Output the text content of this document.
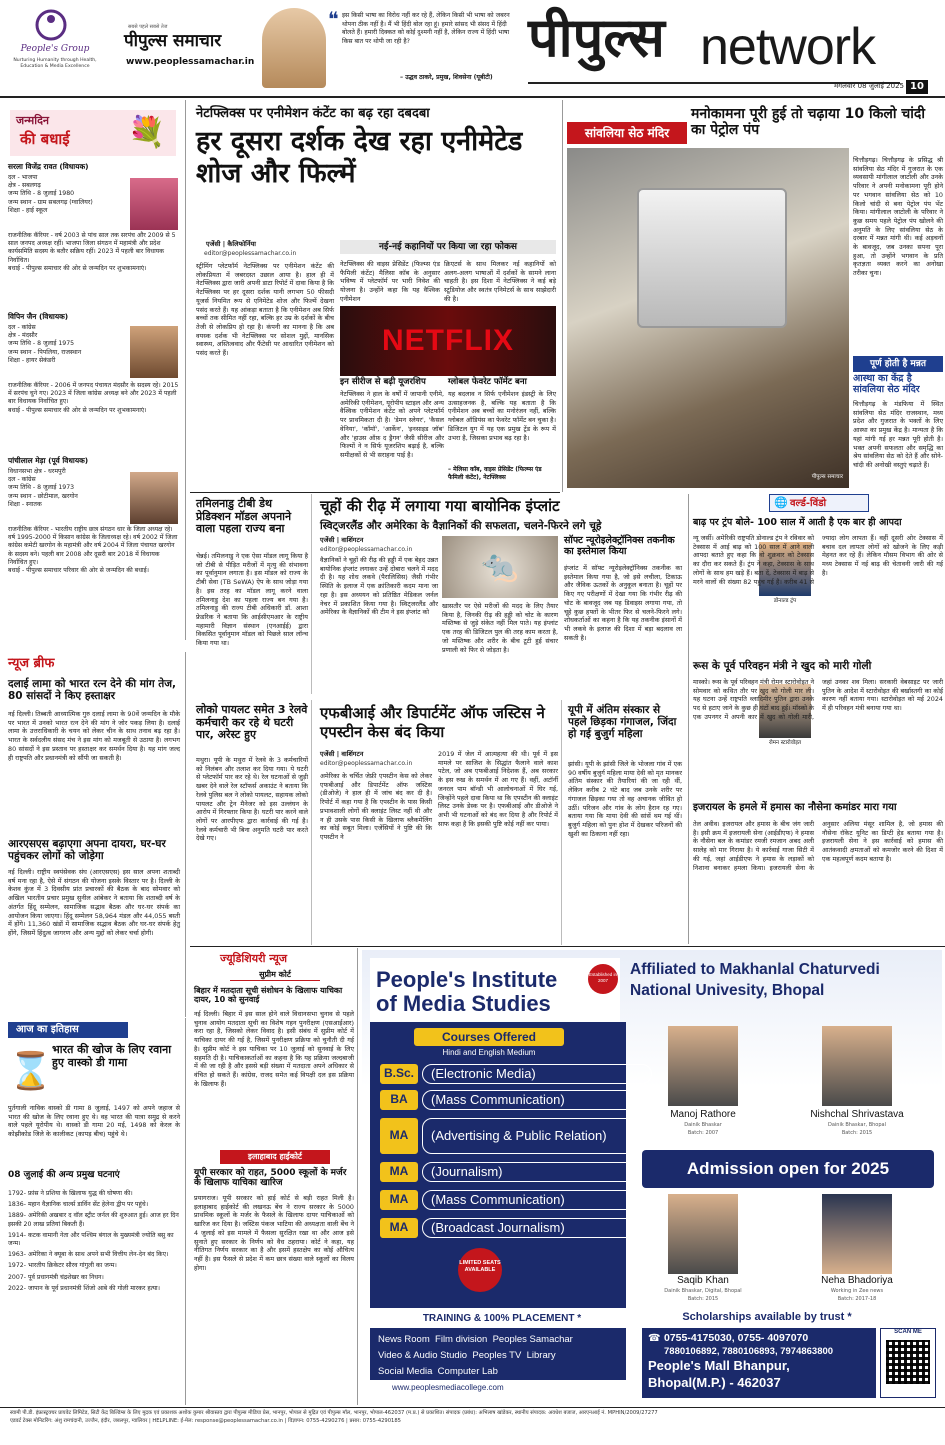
People's Group
Nurturing Humanity through Health, Education & Media Excellence
सबसे पहले सबसे तेज
पीपुल्स समाचार
www.peoplessamachar.in
❝ इस किसी भाषा का विरोध नहीं कर रहे हैं, लेकिन किसी भी भाषा को जबरन थोपना ठीक नहीं है। मैं भी हिंदी बोल रहा हूं। हमारे सांसद भी संसद में हिंदी बोलते हैं। हमारी दिक्कत को कोई दुश्मनी नहीं है, लेकिन राज्य में हिंदी भाषा किस बात पर थोपी जा रही है?
– उद्धव ठाकरे, प्रमुख, शिवसेना (यूबीटी)
पीपुल्स network
मंगलवार 08 जुलाई 2025 10
जन्मदिन
की बधाई	💐
सरला विजेंद्र रावत (विधायक)
दल - भाजपा
क्षेत्र - सबलगढ़
जन्म तिथि - 8 जुलाई 1980
जन्म स्थान - ग्राम सबलगढ़ (ग्वालियर)
शिक्षा - हाई स्कूल
राजनीतिक कॅरियर - वर्ष 2003 से पांच साल तक सरपंच और 2009 से 5 साल जनपद अध्यक्ष रहीं। भाजपा जिला संगठन में महामंत्री और प्रदेश कार्यसमिति सदस्य के बतौर सक्रिय रहीं। 2023 में पहली बार विधायक निर्वाचित।
बधाई - पीपुल्स समाचार की ओर से जन्मदिन पर शुभकामनाएं।
विपिन जैन (विधायक)
दल - कांग्रेस
क्षेत्र - मंदसौर
जन्म तिथि - 8 जुलाई 1975
जन्म स्थान - पिपलिया, राजस्थान
शिक्षा - हायर सेकंडरी
राजनीतिक कॅरियर - 2006 में जनपद पंचायत मंदसौर के सदस्य रहे। 2015 में सरपंच चुने गए। 2023 में जिला कांग्रेस अध्यक्ष बने और 2023 में पहली बार विधायक निर्वाचित हुए।
बधाई - पीपुल्स समाचार की ओर से जन्मदिन पर शुभकामनाएं।
पांचीलाल मेड़ा (पूर्व विधायक)
विधानसभा क्षेत्र - धरमपुरी
दल - कांग्रेस
जन्म तिथि - 8 जुलाई 1973
जन्म स्थान - छोटीमाल, खरगोन
शिक्षा - स्नातक
राजनीतिक कॅरियर - भारतीय राष्ट्रीय छात्र संगठन धार के जिला अध्यक्ष रहे। वर्ष 1995-2000 में किसान कांग्रेस के जिलाध्यक्ष रहे। वर्ष 2002 में जिला कांग्रेस कमेटी खरगोन के महामंत्री और वर्ष 2004 में जिला पंचायत खरगोन के सदस्य बने। पहली बार 2008 और दूसरी बार 2018 में विधायक निर्वाचित हुए।
बधाई - पीपुल्स समाचार परिवार की ओर से जन्मदिन की बधाई।
न्यूज ब्रीफ
दलाई लामा को भारत रत्न देने की मांग तेज, 80 सांसदों ने किए हस्ताक्षर
नई दिल्ली। तिब्बती आध्यात्मिक गुरु दलाई लामा के 90वें जन्मदिन के मौके पर भारत में उनको भारत रत्न देने की मांग ने जोर पकड़ लिया है। दलाई लामा के उत्तराधिकारी के चयन को लेकर चीन के साथ तनाव बढ़ रहा है। भारत के सर्वदलीय संसद मंच ने इस मांग को मजबूती से उठाया है। लगभग 80 सांसदों ने इस प्रस्ताव पर हस्ताक्षर कर समर्थन दिया है। यह मांग जल्द ही राष्ट्रपति और प्रधानमंत्री को सौंपी जा सकती है।
आरएसएस बढ़ाएगा अपना दायरा, घर-घर पहुंचकर लोगों को जोड़ेगा
नई दिल्ली। राष्ट्रीय स्वयंसेवक संघ (आरएसएस) इस साल अपना शताब्दी वर्ष मना रहा है, ऐसे में संगठन की योजना इसके विस्तार पर है। दिल्ली के केशव कुंज में 3 दिवसीय प्रांत प्रचारकों की बैठक के बाद सोमवार को अखिल भारतीय प्रचार प्रमुख सुनील आंबेकर ने बताया कि शताब्दी वर्ष के अंतर्गत हिंदू सम्मेलन, सामाजिक सद्भाव बैठक और घर-घर संपर्क का आयोजन किया जाएगा। हिंदू सम्मेलन 58,964 मंडल और 44,055 बस्ती में होंगे। 11,360 खंडों में सामाजिक सद्भाव बैठक और घर-घर संपर्क हेतु होंगे, जिसमें हिंदुत्व जागरण और अन्य मुद्दों को लेकर चर्चा होगी।
आज का इतिहास
⌛
भारत की खोज के लिए रवाना हुए वास्को डी गामा
पुर्तगाली नाविक वास्को डी गामा 8 जुलाई, 1497 को अपने जहाज से भारत की खोज के लिए रवाना हुए थे। वह भारत की यात्रा समुद्र से करने वाले पहले यूरोपीय थे। वास्को डी गामा 20 मई, 1498 को केरल के कोझीकोड जिले के कालीकट (कापड़ बीच) पहुंचे थे।
08 जुलाई की अन्य प्रमुख घटनाएं
1792- फ्रांस ने प्रशिया के खिलाफ युद्ध की घोषणा की।
1836- महान वैज्ञानिक चार्ल्स डार्विन सेंट हेलेना द्वीप पर पहुंचे।
1889- अमेरिकी अखबार द वॉल स्ट्रीट जर्नल की शुरुआत हुई। आज हर दिन इसकी 20 लाख प्रतियां बिकती हैं।
1914- कटक वामानी नेता और पश्चिम बंगाल के मुख्यमंत्री ज्योति बसु का जन्म।
1963- अमेरिका ने क्यूबा के साथ अपने सभी वित्तीय लेन-देन बंद किए।
1972- भारतीय क्रिकेटर सौरव गांगुली का जन्म।
2007- पूर्व प्रधानमंत्री चंद्रशेखर का निधन।
2022- जापान के पूर्व प्रधानमंत्री शिंजो आबे की गोली मारकर हत्या।
नेटफ्लिक्स पर एनीमेशन कंटेंट का बढ़ रहा दबदबा
हर दूसरा दर्शक देख रहा एनीमेटेड शोज और फिल्में
एजेंसी | कैलिफोर्निया
editor@peoplessamachar.co.in
नई-नई कहानियों पर किया जा रहा फोकस
स्ट्रीमिंग प्लेटफॉर्म नेटफ्लिक्स पर एनीमेशन कंटेंट की लोकप्रियता में जबरदस्त उछाल आया है। हाल ही में नेटफ्लिक्स द्वारा जारी अपनी डाटा रिपोर्ट में दावा किया है कि नेटफ्लिक्स पर हर दूसरा दर्शक यानी लगभग 50 फीसदी यूजर्स नियमित रूप से एनिमेटेड शोज और फिल्में देखना पसंद करते हैं। यह आंकड़ा बताता है कि एनीमेशन अब सिर्फ बच्चों तक सीमित नहीं रहा, बल्कि हर उम्र के दर्शकों के बीच तेजी से लोकप्रिय हो रहा है। कंपनी का मानना है कि अब वयस्क दर्शक भी नेटफ्लिक्स पर सोशल मुद्दों, मानसिक स्वास्थ्य, अस्तित्ववाद और फैंटेसी पर आधारित एनीमेशन को पसंद करते हैं।
नेटफ्लिक्स की वाइस प्रेसिडेंट (फिल्म्स एंड फैमिली कंटेंट) मैलिसा कॉब के अनुसार भविष्य में प्लेटफॉर्म पर भारी निवेश की योजना है। उन्होंने कहा कि यह वैश्विक एनीमेशन
क्रिएटर्स के साथ मिलकर नई कहानियों को अलग-अलग भाषाओं में दर्शकों के सामने लाना चाहती है। इस दिशा में नेटफ्लिक्स ने कई बड़े स्टूडियोज और स्वतंत्र एनिमेटर्स के साथ साझेदारी की है।
NETFLIX
इन सीरीज से बढ़ी यूजरशिप
नेटफ्लिक्स ने हाल के वर्षों में जापानी एनीमे, अमेरिकी एनीमेशन, यूरोपीय स्टाइल और अन्य वैश्विक एनीमेशन कंटेंट को अपने प्लेटफॉर्म पर प्राथमिकता दी है। 'डेमन स्लेयर', 'कैसल वेनिया', 'कॉमॉ', 'आर्केन', 'इनसाइड जॉब' और 'हाउस ऑफ़ द ड्रैगन' जैसी सीरीज और फिल्मों ने न सिर्फ यूजरशिप बढ़ाई है, बल्कि समीक्षकों से भी सराहना पाई है।
ग्लोबल फेवरेट फॉर्मेट बना
यह बदलाव न सिर्फ एनीमेशन इंडस्ट्री के लिए उत्साहजनक है, बल्कि यह बताता है कि एनीमेशन अब बच्चों का मनोरंजन नहीं, बल्कि ग्लोबल ऑडियंस का फेवरेट फॉर्मेट बन चुका है। डिजिटल युग में यह एक प्रमुख ट्रेंड के रूप में उभरा है, जिसका प्रभाव बढ़ रहा है।
– मेलिसा कॉब, वाइस प्रेसिडेंट (फिल्म्स एंड फैमिली कंटेंट), नेटफ्लिक्स
तमिलनाडु टीबी डेथ प्रेडिक्शन मॉडल अपनाने वाला पहला राज्य बना
चेन्नई। तमिलनाडु ने एक ऐसा मॉडल लागू किया है जो टीबी से पीड़ित मरीजों में मृत्यु की संभावना का पूर्वानुमान लगाता है। इस मॉडल को राज्य के टीबी सेवा (TB SeWA) ऐप के साथ जोड़ा गया है। इस तरह का मॉडल लागू करने वाला तमिलनाडु देश का पहला राज्य बन गया है। तमिलनाडु की राज्य टीबी अधिकारी डॉ. आशा फ्रेडरिक ने बताया कि आईसीएमआर के राष्ट्रीय महामारी विज्ञान संस्थान (एनआईई) द्वारा विकसित पूर्वानुमान मॉडल को पिछले साल लॉन्च किया गया था।
लोको पायलट समेत 3 रेलवे कर्मचारी कर रहे थे घटरी पार, अरेस्ट हुए
मथुरा। यूपी के मथुरा में रेलवे के 3 कर्मचारियों को निलंबन और तलाश कर दिया गया। ये घटरी से प्लेटफॉर्म पार कर रहे थे। रेल घटनाओं से जुड़ी खबर देने वाले रेल स्टॉफर्स अकाउंट ने बताया कि रेलवे पुलिस बल ने लोको पायलट, सहायक लोको पायलट और ट्रेन मैनेजर को इस उल्लंघन के आरोप में गिरफ्तार किया है। घटरी पार करने वाले लोगों पर आरपीएफ द्वारा कार्रवाई की गई है। रेलवे कर्मचारी भी बिना अनुमति घटरी पार करते देखे गए।
चूहों की रीढ़ में लगाया गया बायोनिक इंप्लांट
स्विट्जरलैंड और अमेरिका के वैज्ञानिकों की सफलता, चलने-फिरने लगे चूहे
एजेंसी | वाशिंगटन
editor@peoplessamachar.co.in
वैज्ञानिकों ने चूहों की रीढ़ की हड्डी में एक बेहद उन्नत बायोनिक इंप्लांट लगाकर उन्हें दोबारा चलने में मदद दी है। यह शोध लकवे (पैरालिसिस) जैसी गंभीर स्थिति के इलाज में एक क्रांतिकारी कदम माना जा रहा है। इस अध्ययन को प्रतिष्ठित मेडिकल जर्नल नेचर में प्रकाशित किया गया है। स्विट्जरलैंड और अमेरिका के वैज्ञानिकों की टीम ने इस इंप्लांट को
🐀
खासतौर पर ऐसे मरीजों की मदद के लिए तैयार किया है, जिनकी रीढ़ की हड्डी को चोट के कारण मस्तिष्क से जुड़े संकेत नहीं मिल पाते। यह इंप्लांट एक तरह की डिजिटल पुल की तरह काम करता है, जो मस्तिष्क और शरीर के बीच टूटी हुई संचार प्रणाली को फिर से जोड़ता है।
सॉफ्ट न्यूरोइलेक्ट्रॉनिक्स तकनीक का इस्तेमाल किया
इंप्लांट में सॉफ्ट न्यूरोइलेक्ट्रॉनिक्स तकनीक का इस्तेमाल किया गया है, जो इसे लचीला, टिकाऊ और जैविक ऊतकों के अनुकूल बनाता है। चूहों पर किए गए परीक्षणों में देखा गया कि गंभीर रीढ़ की चोट के बावजूद जब यह डिवाइस लगाया गया, तो चूहे कुछ हफ्तों के भीतर फिर से चलने-फिरने लगे। शोधकर्ताओं का कहना है कि यह तकनीक इंसानों में भी लकवे के इलाज की दिशा में बड़ा बदलाव ला सकती है।
एफबीआई और डिपार्टमेंट ऑफ जस्टिस ने एपस्टीन केस बंद किया
एजेंसी | वाशिंगटन
editor@peoplessamachar.co.in
अमेरिका के चर्चित जेफ्री एपस्टीन केस को लेकर एफबीआई और डिपार्टमेंट ऑफ जस्टिस (डीओजे) ने हाल ही में जांच बंद कर दी है। रिपोर्ट में कहा गया है कि एपस्टीन के पास किसी प्रभावशाली लोगों की क्लाइंट लिस्ट नहीं थी और न ही उसके पास किसी के खिलाफ ब्लैकमेलिंग का कोई सबूत मिला। एजेंसियों ने पुष्टि की कि एपस्टीन ने
2019 में जेल में आत्महत्या की थी। पूर्व में इस मामले पर साजिश के सिद्धांत फैलाने वाले काश पटेल, जो अब एफबीआई निदेशक हैं, अब सरकार के इस रुख के समर्थन में आ गए हैं। वहीं, अटॉर्नी जनरल पाम बॉन्डी भी आलोचनाओं में घिर गई, जिन्होंने पहले दावा किया था कि एपस्टीन की क्लाइंट लिस्ट उनके डेस्क पर है। एफबीआई और डीओजे ने अभी भी घटनाओं को बंद कर दिया है और रिपोर्ट में साफ कहा है कि इसकी पुष्टि कोई नहीं कर पाया।
यूपी में अंतिम संस्कार से पहले छिड़का गंगाजल, जिंदा हो गई बुजुर्ग महिला
झांसी। यूपी के झांसी जिले के भोजला गांव में एक 90 वर्षीय बुजुर्ग महिला माया देवी को मृत मानकर अंतिम संस्कार की तैयारियां की जा रही थीं, लेकिन करीब 2 घंटे बाद जब उनके शरीर पर गंगाजल छिड़का गया तो वह अचानक जीवित हो उठीं। परिजन और गांव के लोग हैरान रह गए। बताया गया कि माया देवी की सांसें थम गई थीं। बुजुर्ग महिला को पुनः होश में देखकर परिजनों की खुशी का ठिकाना नहीं रहा।
सांवलिया सेठ मंदिर
मनोकामना पूरी हुई तो चढ़ाया 10 किलो चांदी का पेट्रोल पंप
पीपुल्स समाचार
चित्तौड़गढ़। चित्तौड़गढ़ के प्रसिद्ध श्री सांवलिया सेठ मंदिर में गुजरात के एक व्यवसायी मांगीलाल जाटोली और उनके परिवार ने अपनी मनोकामना पूरी होने पर भगवान सांवलिया सेठ को 10 किलो चांदी से बना पेट्रोल पंप भेंट किया। मांगीलाल जाटोली के परिवार ने कुछ समय पहले पेट्रोल पंप खोलने की अनुमति के लिए सांवलिया सेठ के दरबार में मन्नत मांगी थी। कई अड़चनों के बावजूद, जब उनका सपना पूरा हुआ, तो उन्होंने भगवान के प्रति कृतज्ञता व्यक्त करने का अनोखा तरीका चुना।
पूर्ण होती है मन्नत
आस्था का केंद्र है सांवलिया सेठ मंदिर
चित्तौड़गढ़ के मंडफिया में स्थित सांवलिया सेठ मंदिर राजस्थान, मध्य प्रदेश और गुजरात के भक्तों के लिए आस्था का प्रमुख केंद्र है। मान्यता है कि यहां मांगी गई हर मन्नत पूरी होती है। भक्त अपनी सफलता और समृद्धि का श्रेय सांवलिया सेठ को देते हैं और सोने-चांदी की अनोखी वस्तुएं चढ़ाते हैं।
🌐 वर्ल्ड-विंडो
बाढ़ पर ट्रंप बोले- 100 साल में आती है एक बार ही आपदा
डोनाल्ड ट्रंप
न्यू जर्सी। अमेरिकी राष्ट्रपति डोनाल्ड ट्रंप ने रविवार को टेक्सास में आई बाढ़ को 100 साल में आने वाली आपदा बताते हुए कहा कि वो शुक्रवार को टेक्सास का दौरा कर सकते हैं। ट्रंप ने कहा, टेक्सास के साथ लोगों के साथ हम खड़े हैं। बता दें, टेक्सास में बाढ़ से मरने वालों की संख्या 82 पहुंच गई है। करीब 41 से ज्यादा लोग लापता हैं। वहीं दूसरी ओर टेक्सास में बचाव दल लापता लोगों को खोजने के लिए कड़ी मेहनत कर रहे हैं। लेकिन मौसम विभाग की ओर से मध्य टेक्सास में नई बाढ़ की चेतावनी जारी की गई है।
रूस के पूर्व परिवहन मंत्री ने खुद को मारी गोली
रोमन स्टारोवोइत
मास्को। रूस के पूर्व परिवहन मंत्री रोमन स्टारोवोइत ने सोमवार को कथित तौर पर खुद को गोली मार ली। यह घटना उन्हें राष्ट्रपति व्लादिमीर पुतिन द्वारा उनके पद से हटाए जाने के कुछ ही घंटों बाद हुई। मॉस्को के एक उपनगर में अपनी कार में खुद को गोली मारी, जहां उनका शव मिला। सरकारी वेबसाइट पर जारी पुतिन के आदेश में स्टारोवोइत की बर्खास्तगी का कोई कारण नहीं बताया गया। स्टारोवोइत को मई 2024 में ही परिवहन मंत्री बनाया गया था।
इजरायल के हमले में हमास का नौसेना कमांडर मारा गया
तेल अवीव। इजरायल और हमास के बीच जंग जारी है। इसी क्रम में इजरायली सेना (आईडीएफ) ने हमास के नौसेना बल के कमांडर रमजी रमजान अबद अली सालेह को मार गिराया है। ये कार्रवाई गाजा सिटी में की गई, जहां आईडीएफ ने हमास के लड़ाकों को निशाना बनाकर हमला किया। इजरायली सेना के अनुसार अलिया मंसूर शामिल है, जो हमास की नौसेना रॉकेट यूनिट का डिप्टी हेड बताया गया है। इजरायली सेना ने इस कार्रवाई को हमास की आतंकवादी क्षमताओं को कमजोर करने की दिशा में एक महत्वपूर्ण कदम बताया है।
ज्यूडिशियरी न्यूज
सुप्रीम कोर्ट
बिहार में मतदाता सूची संशोधन के खिलाफ याचिका दायर, 10 को सुनवाई
नई दिल्ली। बिहार में इस साल होने वाले विधानसभा चुनाव से पहले चुनाव आयोग मतदाता सूची का विशेष गहन पुनरीक्षण (एसआईआर) करा रहा है, जिसको लेकर विवाद है। इसी संबंध में सुप्रीम कोर्ट में याचिका दायर की गई है, जिसमें पुनरीक्षण प्रक्रिया को चुनौती दी गई है। सुप्रीम कोर्ट ने इस याचिका पर 10 जुलाई को सुनवाई के लिए सहमति दी है। याचिकाकर्ताओं का कहना है कि यह प्रक्रिया जल्दबाजी में की जा रही है और इससे बड़ी संख्या में मतदाता अपने अधिकार से वंचित हो सकते हैं। कांग्रेस, राजद समेत कई विपक्षी दल इस प्रक्रिया के खिलाफ हैं।
इलाहाबाद हाईकोर्ट
यूपी सरकार को राहत, 5000 स्कूलों के मर्जर के खिलाफ याचिका खारिज
प्रयागराज। यूपी सरकार को हाई कोर्ट से बड़ी राहत मिली है। इलाहाबाद हाईकोर्ट की लखनऊ बेंच ने राज्य सरकार के 5000 प्राथमिक स्कूलों के मर्जर के फैसले के खिलाफ दायर याचिकाओं को खारिज कर दिया है। जस्टिस पंकज भाटिया की अध्यक्षता वाली बेंच ने 4 जुलाई को इस मामले में फैसला सुरक्षित रखा था और आज इसे सुनाते हुए सरकार के निर्णय को वैध ठहराया। कोर्ट ने कहा, यह नीतिगत निर्णय सरकार का है और इसमें हस्तक्षेप का कोई औचित्य नहीं है। इस फैसले से प्रदेश में कम छात्र संख्या वाले स्कूलों का विलय होगा।
People's Institute
of Media Studies
Established in 2007
Courses Offered
Hindi and English Medium
B.Sc.	(Electronic Media)
BA	(Mass Communication)
MA	(Advertising & Public Relation)
MA	(Journalism)
MA	(Mass Communication)
MA	(Broadcast Journalism)
LIMITED SEATS AVAILABLE
TRAINING & 100% PLACEMENT *
News Room Film division Peoples Samachar
Video & Audio Studio Peoples TV Library
Social Media Computer Lab
www.peoplesmediacollege.com
Affiliated to Makhanlal Chaturvedi
National Univesity, Bhopal
Manoj Rathore
Dainik Bhaskar
Batch: 2007
Nishchal Shrivastava
Dainik Bhaskar, Bhopal
Batch: 2015
Admission open for 2025
Saqib Khan
Dainik Bhaskar, Digital, Bhopal
Batch: 2015
Neha Bhadoriya
Working in Zee news
Batch: 2017-18
Scholarships available by trust *
☎ 0755-4175030, 0755- 4097070
7880106892, 7880106893, 7974863800
People's Mall Bhanpur,
Bhopal(M.P.) - 462037
SCAN ME
स्वामी पी.डी. इंफ्रास्ट्रक्चर प्रायवेट लिमिटेड, सिटी केंद्र बिल्डिंग्स के लिए मुद्रक एवं प्रकाशक अशोक कुमार श्रीवास्तव द्वारा पीपुल्स मीडिया प्रेस, भानपुर, भोपाल से मुद्रित एवं पीपुल्स मॉल, भानपुर, भोपाल-462037 (म.प्र.) से प्रकाशित। संपादक (प्रबंध): अभिलाष खांडेकर, स्थानीय संपादक: अवधेश बजाज, आरएनआई नं. MPHIN/2009/27277
एडवर्ट टेक्स मोनिटरिंग: अंशु रामचंदानी, उज्जैन, इंदौर, जबलपुर, ग्वालियर | HELPLINE: ई-मेल: response@peoplessamachar.co.in | विज्ञापन: 0755-4290276 | प्रसार: 0755-4290185
